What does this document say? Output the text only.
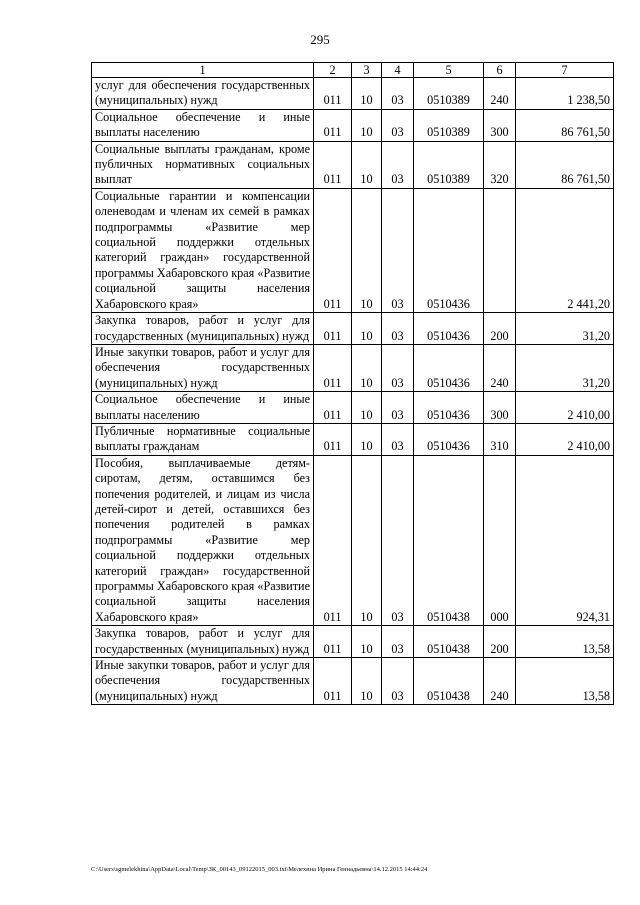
295
1	2	3	4	5	6	7
услуг для обеспечения государственных (муниципальных) нужд	011	10	03	0510389	240	1 238,50
Социальное обеспечение и иные выплаты населению	011	10	03	0510389	300	86 761,50
Социальные выплаты гражданам, кроме публичных нормативных социальных выплат	011	10	03	0510389	320	86 761,50
Социальные гарантии и компенсации оленеводам и членам их семей в рамках подпрограммы «Развитие мер социальной поддержки отдельных категорий граждан» государственной программы Хабаровского края «Развитие социальной защиты населения Хабаровского края»	011	10	03	0510436		2 441,20
Закупка товаров, работ и услуг для государственных (муниципальных) нужд	011	10	03	0510436	200	31,20
Иные закупки товаров, работ и услуг для обеспечения государственных (муниципальных) нужд	011	10	03	0510436	240	31,20
Социальное обеспечение и иные выплаты населению	011	10	03	0510436	300	2 410,00
Публичные нормативные социальные выплаты гражданам	011	10	03	0510436	310	2 410,00
Пособия, выплачиваемые детям-сиротам, детям, оставшимся без попечения родителей, и лицам из числа детей-сирот и детей, оставшихся без попечения родителей в рамках подпрограммы «Развитие мер социальной поддержки отдельных категорий граждан» государственной программы Хабаровского края «Развитие социальной защиты населения Хабаровского края»	011	10	03	0510438	000	924,31
Закупка товаров, работ и услуг для государственных (муниципальных) нужд	011	10	03	0510438	200	13,58
Иные закупки товаров, работ и услуг для обеспечения государственных (муниципальных) нужд	011	10	03	0510438	240	13,58
C:\Users\sgmelekhina\AppData\Local\Temp\ЗК_00143_09122015_003.txt\Мелехина Ирина Геннадьевна\14.12.2015 14:44:24
